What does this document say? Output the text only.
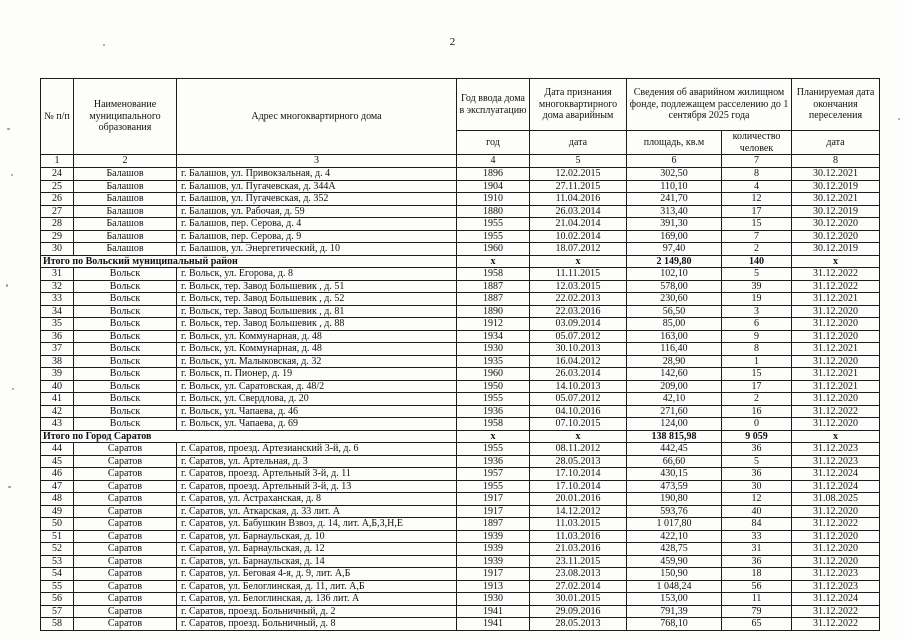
2
№ п/п	Наименование муниципального образования	Адрес многоквартирного дома	Год ввода дома в эксплуатацию	Дата признания многоквартирного дома аварийным	Сведения об аварийном жилищном фонде, подлежащем расселению до 1 сентября 2025 года		Планируемая дата окончания переселения
			год	дата	площадь, кв.м	количество человек	дата
1	2	3	4	5	6	7	8
24	Балашов	г. Балашов, ул. Привокзальная, д. 4	1896	12.02.2015	302,50	8	30.12.2021
25	Балашов	г. Балашов, ул. Пугачевская, д. 344А	1904	27.11.2015	110,10	4	30.12.2019
26	Балашов	г. Балашов, ул. Пугачевская, д. 352	1910	11.04.2016	241,70	12	30.12.2021
27	Балашов	г. Балашов, ул. Рабочая, д. 59	1880	26.03.2014	313,40	17	30.12.2019
28	Балашов	г. Балашов, пер. Серова, д. 4	1955	21.04.2014	391,30	15	30.12.2020
29	Балашов	г. Балашов, пер. Серова, д. 9	1955	10.02.2014	169,00	7	30.12.2020
30	Балашов	г. Балашов, ул. Энергетический, д. 10	1960	18.07.2012	97,40	2	30.12.2019
Итого по Вольский муниципальный район			х	х	2 149,80	140	х
31	Вольск	г. Вольск, ул. Егорова, д. 8	1958	11.11.2015	102,10	5	31.12.2022
32	Вольск	г. Вольск, тер. Завод Большевик , д. 51	1887	12.03.2015	578,00	39	31.12.2022
33	Вольск	г. Вольск, тер. Завод Большевик , д. 52	1887	22.02.2013	230,60	19	31.12.2021
34	Вольск	г. Вольск, тер. Завод Большевик , д. 81	1890	22.03.2016	56,50	3	31.12.2020
35	Вольск	г. Вольск, тер. Завод Большевик , д. 88	1912	03.09.2014	85,00	6	31.12.2020
36	Вольск	г. Вольск, ул. Коммунарная, д. 48	1934	05.07.2012	163,00	9	31.12.2020
37	Вольск	г. Вольск, ул. Коммунарная, д. 48	1930	30.10.2013	116,40	8	31.12.2021
38	Вольск	г. Вольск, ул. Малыковская, д. 32	1935	16.04.2012	28,90	1	31.12.2020
39	Вольск	г. Вольск, п. Пионер, д. 19	1960	26.03.2014	142,60	15	31.12.2021
40	Вольск	г. Вольск, ул. Саратовская, д. 48/2	1950	14.10.2013	209,00	17	31.12.2021
41	Вольск	г. Вольск, ул. Свердлова, д. 20	1955	05.07.2012	42,10	2	31.12.2020
42	Вольск	г. Вольск, ул. Чапаева, д. 46	1936	04.10.2016	271,60	16	31.12.2022
43	Вольск	г. Вольск, ул. Чапаева, д. 69	1958	07.10.2015	124,00	0	31.12.2020
Итого по Город Саратов			х	х	138 815,98	9 059	х
44	Саратов	г. Саратов, проезд. Артезианский 3-й, д. 6	1955	08.11.2012	442,45	36	31.12.2023
45	Саратов	г. Саратов, ул. Артельная, д. 3	1936	28.05.2013	66,60	5	31.12.2023
46	Саратов	г. Саратов, проезд. Артельный 3-й, д. 11	1957	17.10.2014	430,15	36	31.12.2024
47	Саратов	г. Саратов, проезд. Артельный 3-й, д. 13	1955	17.10.2014	473,59	30	31.12.2024
48	Саратов	г. Саратов, ул. Астраханская, д. 8	1917	20.01.2016	190,80	12	31.08.2025
49	Саратов	г. Саратов, ул. Аткарская, д. 33 лит. А	1917	14.12.2012	593,76	40	31.12.2020
50	Саратов	г. Саратов, ул. Бабушкин Взвоз, д. 14, лит. А,Б,З,Н,Е	1897	11.03.2015	1 017,80	84	31.12.2022
51	Саратов	г. Саратов, ул. Барнаульская, д. 10	1939	11.03.2016	422,10	33	31.12.2020
52	Саратов	г. Саратов, ул. Барнаульская, д. 12	1939	21.03.2016	428,75	31	31.12.2020
53	Саратов	г. Саратов, ул. Барнаульская, д. 14	1939	23.11.2015	459,90	36	31.12.2020
54	Саратов	г. Саратов, ул. Беговая 4-я, д. 9, лит. А,Б	1917	23.08.2013	150,90	18	31.12.2023
55	Саратов	г. Саратов, ул. Белоглинская, д. 11, лит. А,Б	1913	27.02.2014	1 048,24	56	31.12.2023
56	Саратов	г. Саратов, ул. Белоглинская, д. 136 лит. А	1930	30.01.2015	153,00	11	31.12.2024
57	Саратов	г. Саратов, проезд. Больничный, д. 2	1941	29.09.2016	791,39	79	31.12.2022
58	Саратов	г. Саратов, проезд. Больничный, д. 8	1941	28.05.2013	768,10	65	31.12.2022
